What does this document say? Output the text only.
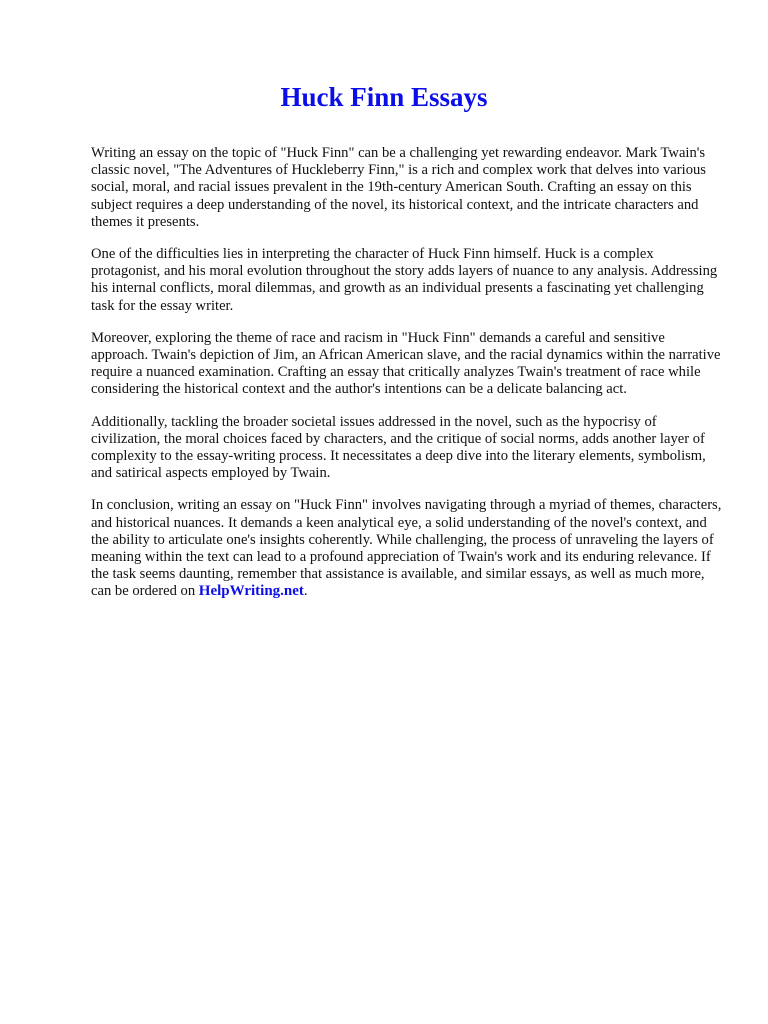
Huck Finn Essays

Writing an essay on the topic of "Huck Finn" can be a challenging yet rewarding endeavor. Mark Twain's classic novel, "The Adventures of Huckleberry Finn," is a rich and complex work that delves into various social, moral, and racial issues prevalent in the 19th-century American South. Crafting an essay on this subject requires a deep understanding of the novel, its historical context, and the intricate characters and themes it presents.

One of the difficulties lies in interpreting the character of Huck Finn himself. Huck is a complex protagonist, and his moral evolution throughout the story adds layers of nuance to any analysis. Addressing his internal conflicts, moral dilemmas, and growth as an individual presents a fascinating yet challenging task for the essay writer.

Moreover, exploring the theme of race and racism in "Huck Finn" demands a careful and sensitive approach. Twain's depiction of Jim, an African American slave, and the racial dynamics within the narrative require a nuanced examination. Crafting an essay that critically analyzes Twain's treatment of race while considering the historical context and the author's intentions can be a delicate balancing act.

Additionally, tackling the broader societal issues addressed in the novel, such as the hypocrisy of civilization, the moral choices faced by characters, and the critique of social norms, adds another layer of complexity to the essay-writing process. It necessitates a deep dive into the literary elements, symbolism, and satirical aspects employed by Twain.

In conclusion, writing an essay on "Huck Finn" involves navigating through a myriad of themes, characters, and historical nuances. It demands a keen analytical eye, a solid understanding of the novel's context, and the ability to articulate one's insights coherently. While challenging, the process of unraveling the layers of meaning within the text can lead to a profound appreciation of Twain's work and its enduring relevance. If the task seems daunting, remember that assistance is available, and similar essays, as well as much more, can be ordered on HelpWriting.net.
